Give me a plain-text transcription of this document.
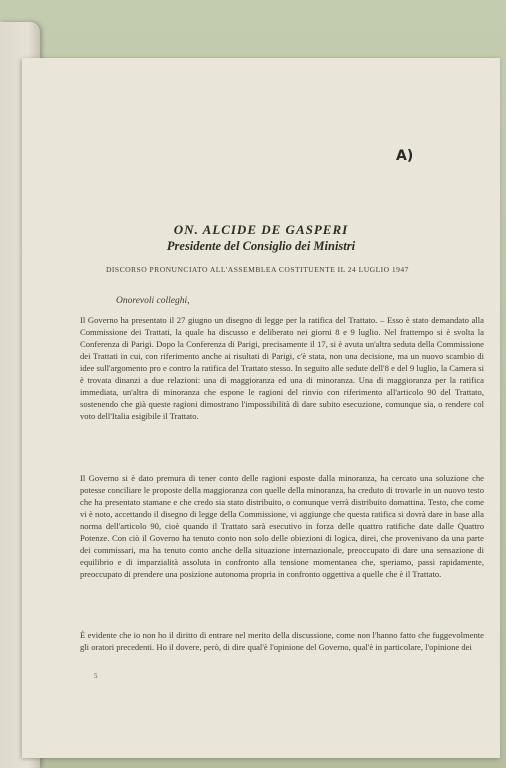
A)
ON. ALCIDE DE GASPERI
Presidente del Consiglio dei Ministri
DISCORSO PRONUNCIATO ALL'ASSEMBLEA COSTITUENTE IL 24 LUGLIO 1947
Onorevoli colleghi,

Il Governo ha presentato il 27 giugno un disegno di legge per la ratifica del Trattato. – Esso è stato demandato alla Commissione dei Trattati, la quale ha discusso e deliberato nei giorni 8 e 9 luglio. Nel frattempo si è svolta la Conferenza di Parigi. Dopo la Conferenza di Parigi, precisamente il 17, si è avuta un'altra seduta della Commissione dei Trattati in cui, con riferimento anche ai risultati di Parigi, c'è stata, non una decisione, ma un nuovo scambio di idee sull'argomento pro e contro la ratifica del Trattato stesso. In seguito alle sedute dell'8 e del 9 luglio, la Camera si è trovata dinanzi a due relazioni: una di maggioranza ed una di minoranza. Una di maggioranza per la ratifica immediata, un'altra di minoranza che espone le ragioni del rinvio con riferimento all'articolo 90 del Trattato, sostenendo che già queste ragioni dimostrano l'impossibilità di dare subito esecuzione, comunque sia, o rendere col voto dell'Italia esigibile il Trattato.

Il Governo si è dato premura di tener conto delle ragioni esposte dalla minoranza, ha cercato una soluzione che potesse conciliare le proposte della maggioranza con quelle della minoranza, ha creduto di trovarle in un nuovo testo che ha presentato stamane e che credo sia stato distribuito, o comunque verrà distribuito domattina. Testo, che come vi è noto, accettando il disegno di legge della Commissione, vi aggiunge che questa ratifica si dovrà dare in base alla norma dell'articolo 90, cioè quando il Trattato sarà esecutivo in forza delle quattro ratifiche date dalle Quattro Potenze. Con ciò il Governo ha tenuto conto non solo delle obiezioni di logica, direi, che provenivano da una parte dei commissari, ma ha tenuto conto anche della situazione internazionale, preoccupato di dare una sensazione di equilibrio e di imparzialità assoluta in confronto alla tensione momentanea che, speriamo, passi rapidamente, preoccupato di prendere una posizione autonoma propria in confronto oggettiva a quelle che è il Trattato.

È evidente che io non ho il diritto di entrare nel merito della discussione, come non l'hanno fatto che fuggevolmente gli oratori precedenti. Ho il dovere, però, di dire qual'è l'opinione del Governo, qual'è in particolare, l'opinione dei

5
